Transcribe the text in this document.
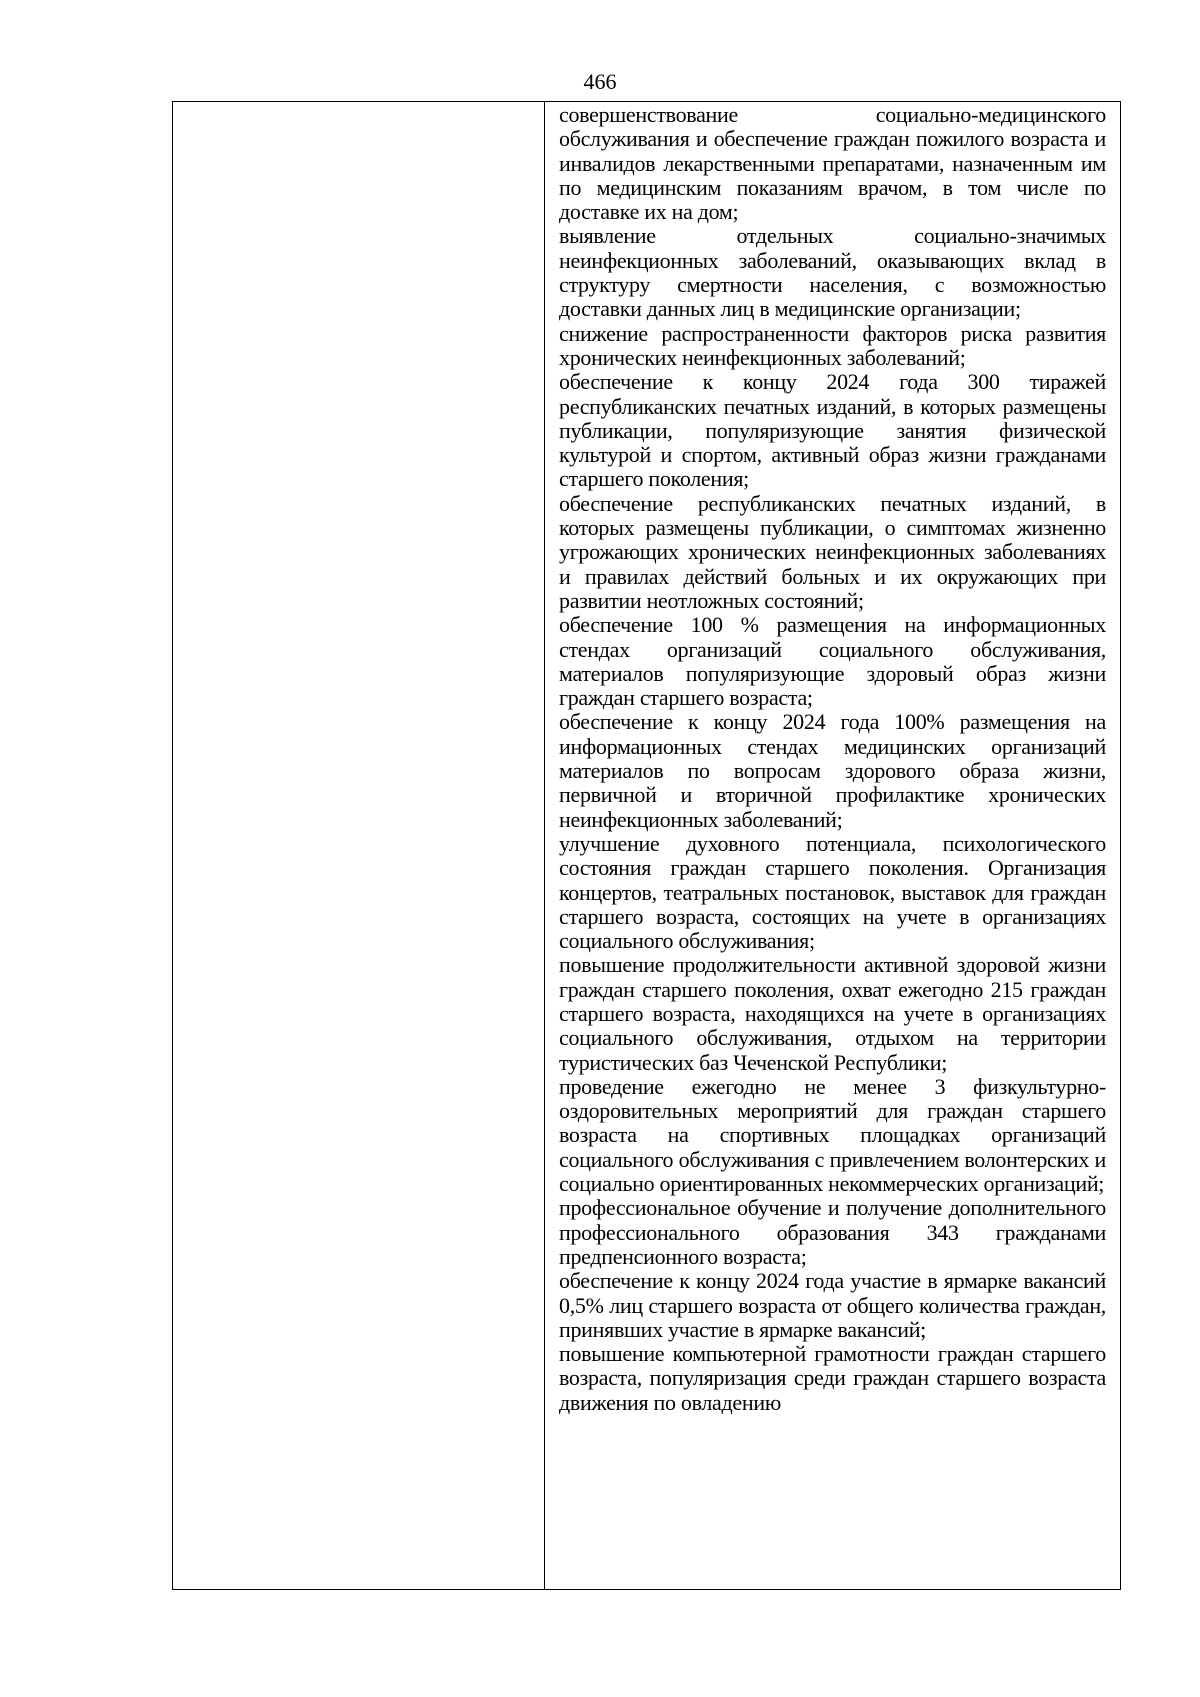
466

совершенствование социально-медицинского обслуживания и обеспечение граждан пожилого возраста и инвалидов лекарственными препаратами, назначенным им по медицинским показаниям врачом, в том числе по доставке их на дом;

выявление отдельных социально-значимых неинфекционных заболеваний, оказывающих вклад в структуру смертности населения, с возможностью доставки данных лиц в медицинские организации;

снижение распространенности факторов риска развития хронических неинфекционных заболеваний;

обеспечение к концу 2024 года 300 тиражей республиканских печатных изданий, в которых размещены публикации, популяризующие занятия физической культурой и спортом, активный образ жизни гражданами старшего поколения;

обеспечение республиканских печатных изданий, в которых размещены публикации, о симптомах жизненно угрожающих хронических неинфекционных заболеваниях и правилах действий больных и их окружающих при развитии неотложных состояний;

обеспечение 100 % размещения на информационных стендах организаций социального обслуживания, материалов популяризующие здоровый образ жизни граждан старшего возраста;

обеспечение к концу 2024 года 100% размещения на информационных стендах медицинских организаций материалов по вопросам здорового образа жизни, первичной и вторичной профилактике хронических неинфекционных заболеваний;

улучшение духовного потенциала, психологического состояния граждан старшего поколения. Организация концертов, театральных постановок, выставок для граждан старшего возраста, состоящих на учете в организациях социального обслуживания;

повышение продолжительности активной здоровой жизни граждан старшего поколения, охват ежегодно 215 граждан старшего возраста, находящихся на учете в организациях социального обслуживания, отдыхом на территории туристических баз Чеченской Республики;

проведение ежегодно не менее 3 физкультурно-оздоровительных мероприятий для граждан старшего возраста на спортивных площадках организаций социального обслуживания с привлечением волонтерских и социально ориентированных некоммерческих организаций;

профессиональное обучение и получение дополнительного профессионального образования 343 гражданами предпенсионного возраста;

обеспечение к концу 2024 года участие в ярмарке вакансий 0,5% лиц старшего возраста от общего количества граждан, принявших участие в ярмарке вакансий;

повышение компьютерной грамотности граждан старшего возраста, популяризация среди граждан старшего возраста движения по овладению
